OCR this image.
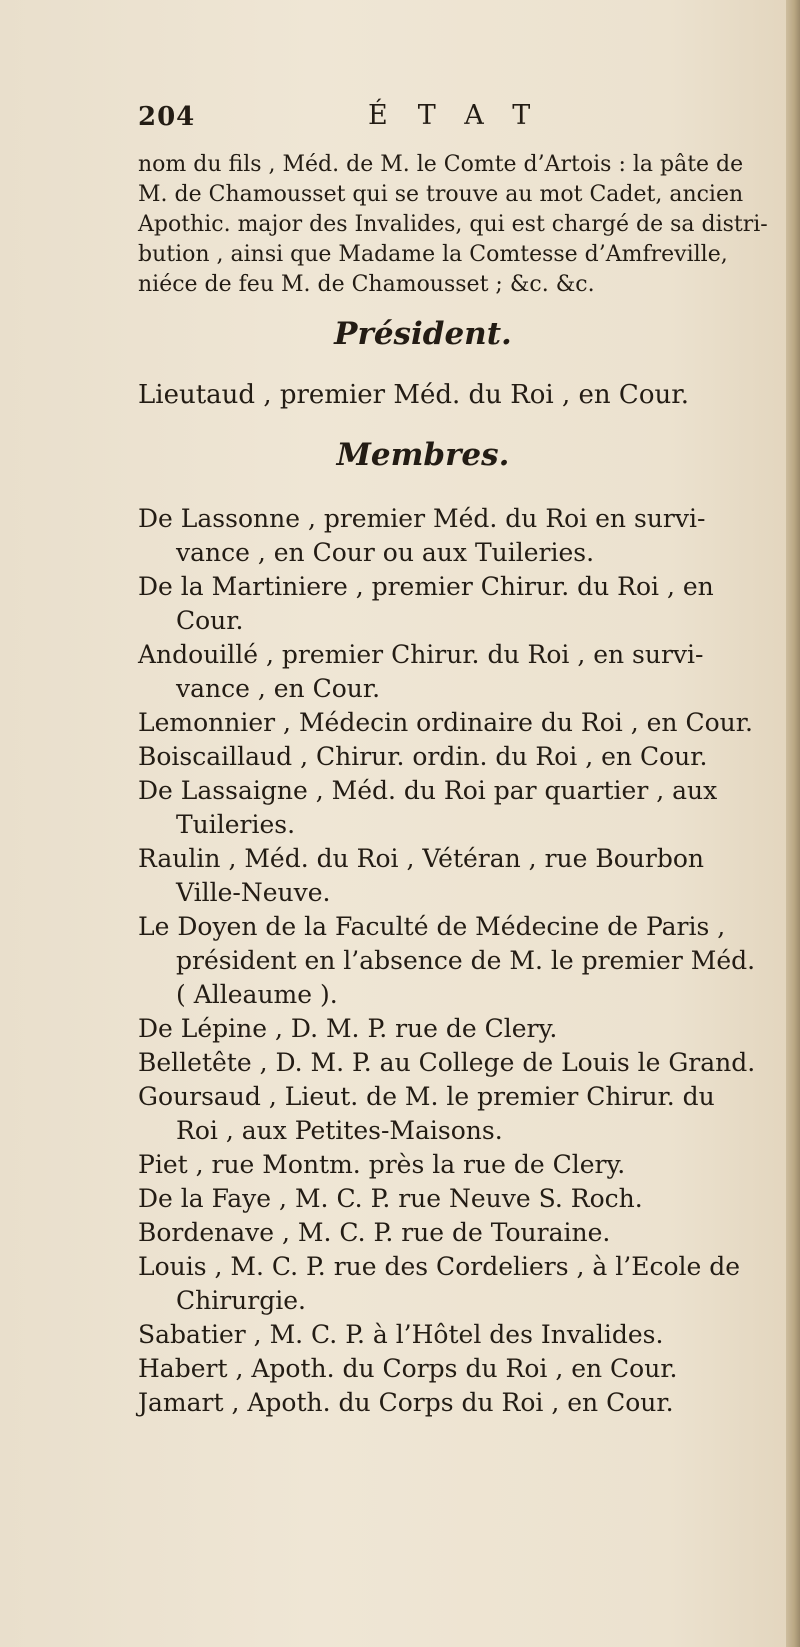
204	ÉTAT

nom du fils , Méd. de M. le Comte d’Artois : la pâte de
M. de Chamousset qui se trouve au mot Cadet, ancien
Apothic. major des Invalides, qui est chargé de sa distri-
bution , ainsi que Madame la Comtesse d’Amfreville,
niéce de feu M. de Chamousset ; &c. &c.

Président.

Lieutaud , premier Méd. du Roi , en Cour.

Membres.
De Lassonne , premier Méd. du Roi en survi-
vance , en Cour ou aux Tuileries.
De la Martiniere , premier Chirur. du Roi , en
Cour.
Andouillé , premier Chirur. du Roi , en survi-
vance , en Cour.
Lemonnier , Médecin ordinaire du Roi , en Cour.
Boiscaillaud , Chirur. ordin. du Roi , en Cour.
De Lassaigne , Méd. du Roi par quartier , aux
Tuileries.
Raulin , Méd. du Roi , Vétéran , rue Bourbon
Ville-Neuve.
Le Doyen de la Faculté de Médecine de Paris ,
président en l’absence de M. le premier Méd.
( Alleaume ).
De Lépine , D. M. P. rue de Clery.
Belletête , D. M. P. au College de Louis le Grand.
Goursaud , Lieut. de M. le premier Chirur. du
Roi , aux Petites-Maisons.
Piet , rue Montm. près la rue de Clery.
De la Faye , M. C. P. rue Neuve S. Roch.
Bordenave , M. C. P. rue de Touraine.
Louis , M. C. P. rue des Cordeliers , à l’Ecole de
Chirurgie.
Sabatier , M. C. P. à l’Hôtel des Invalides.
Habert , Apoth. du Corps du Roi , en Cour.
Jamart , Apoth. du Corps du Roi , en Cour.
